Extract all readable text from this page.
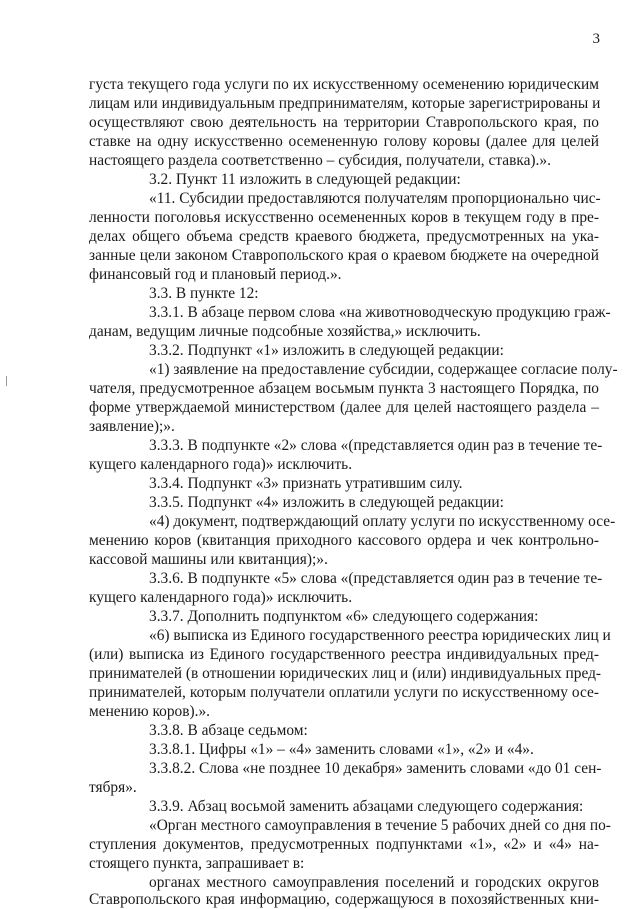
3
густа текущего года услуги по их искусственному осеменению юридическим
лицам или индивидуальным предпринимателям, которые зарегистрированы и
осуществляют свою деятельность на территории Ставропольского края, по
ставке на одну искусственно осемененную голову коровы (далее для целей
настоящего раздела соответственно – субсидия, получатели, ставка).».
3.2. Пункт 11 изложить в следующей редакции:
«11. Субсидии предоставляются получателям пропорционально чис-
ленности поголовья искусственно осемененных коров в текущем году в пре-
делах общего объема средств краевого бюджета, предусмотренных на ука-
занные цели законом Ставропольского края о краевом бюджете на очередной
финансовый год и плановый период.».
3.3. В пункте 12:
3.3.1. В абзаце первом слова «на животноводческую продукцию граж-
данам, ведущим личные подсобные хозяйства,» исключить.
3.3.2. Подпункт «1» изложить в следующей редакции:
«1) заявление на предоставление субсидии, содержащее согласие полу-
чателя, предусмотренное абзацем восьмым пункта 3 настоящего Порядка, по
форме утверждаемой министерством (далее для целей настоящего раздела –
заявление);».
3.3.3. В подпункте «2» слова «(представляется один раз в течение те-
кущего календарного года)» исключить.
3.3.4. Подпункт «3» признать утратившим силу.
3.3.5. Подпункт «4» изложить в следующей редакции:
«4) документ, подтверждающий оплату услуги по искусственному осе-
менению коров (квитанция приходного кассового ордера и чек контрольно-
кассовой машины или квитанция);».
3.3.6. В подпункте «5» слова «(представляется один раз в течение те-
кущего календарного года)» исключить.
3.3.7. Дополнить подпунктом «6» следующего содержания:
«6) выписка из Единого государственного реестра юридических лиц и
(или) выписка из Единого государственного реестра индивидуальных пред-
принимателей (в отношении юридических лиц и (или) индивидуальных пред-
принимателей, которым получатели оплатили услуги по искусственному осе-
менению коров).».
3.3.8. В абзаце седьмом:
3.3.8.1. Цифры «1» – «4» заменить словами «1», «2» и «4».
3.3.8.2. Слова «не позднее 10 декабря» заменить словами «до 01 сен-
тября».
3.3.9. Абзац восьмой заменить абзацами следующего содержания:
«Орган местного самоуправления в течение 5 рабочих дней со дня по-
ступления документов, предусмотренных подпунктами «1», «2» и «4» на-
стоящего пункта, запрашивает в:
органах местного самоуправления поселений и городских округов
Ставропольского края информацию, содержащуюся в похозяйственных кни-
